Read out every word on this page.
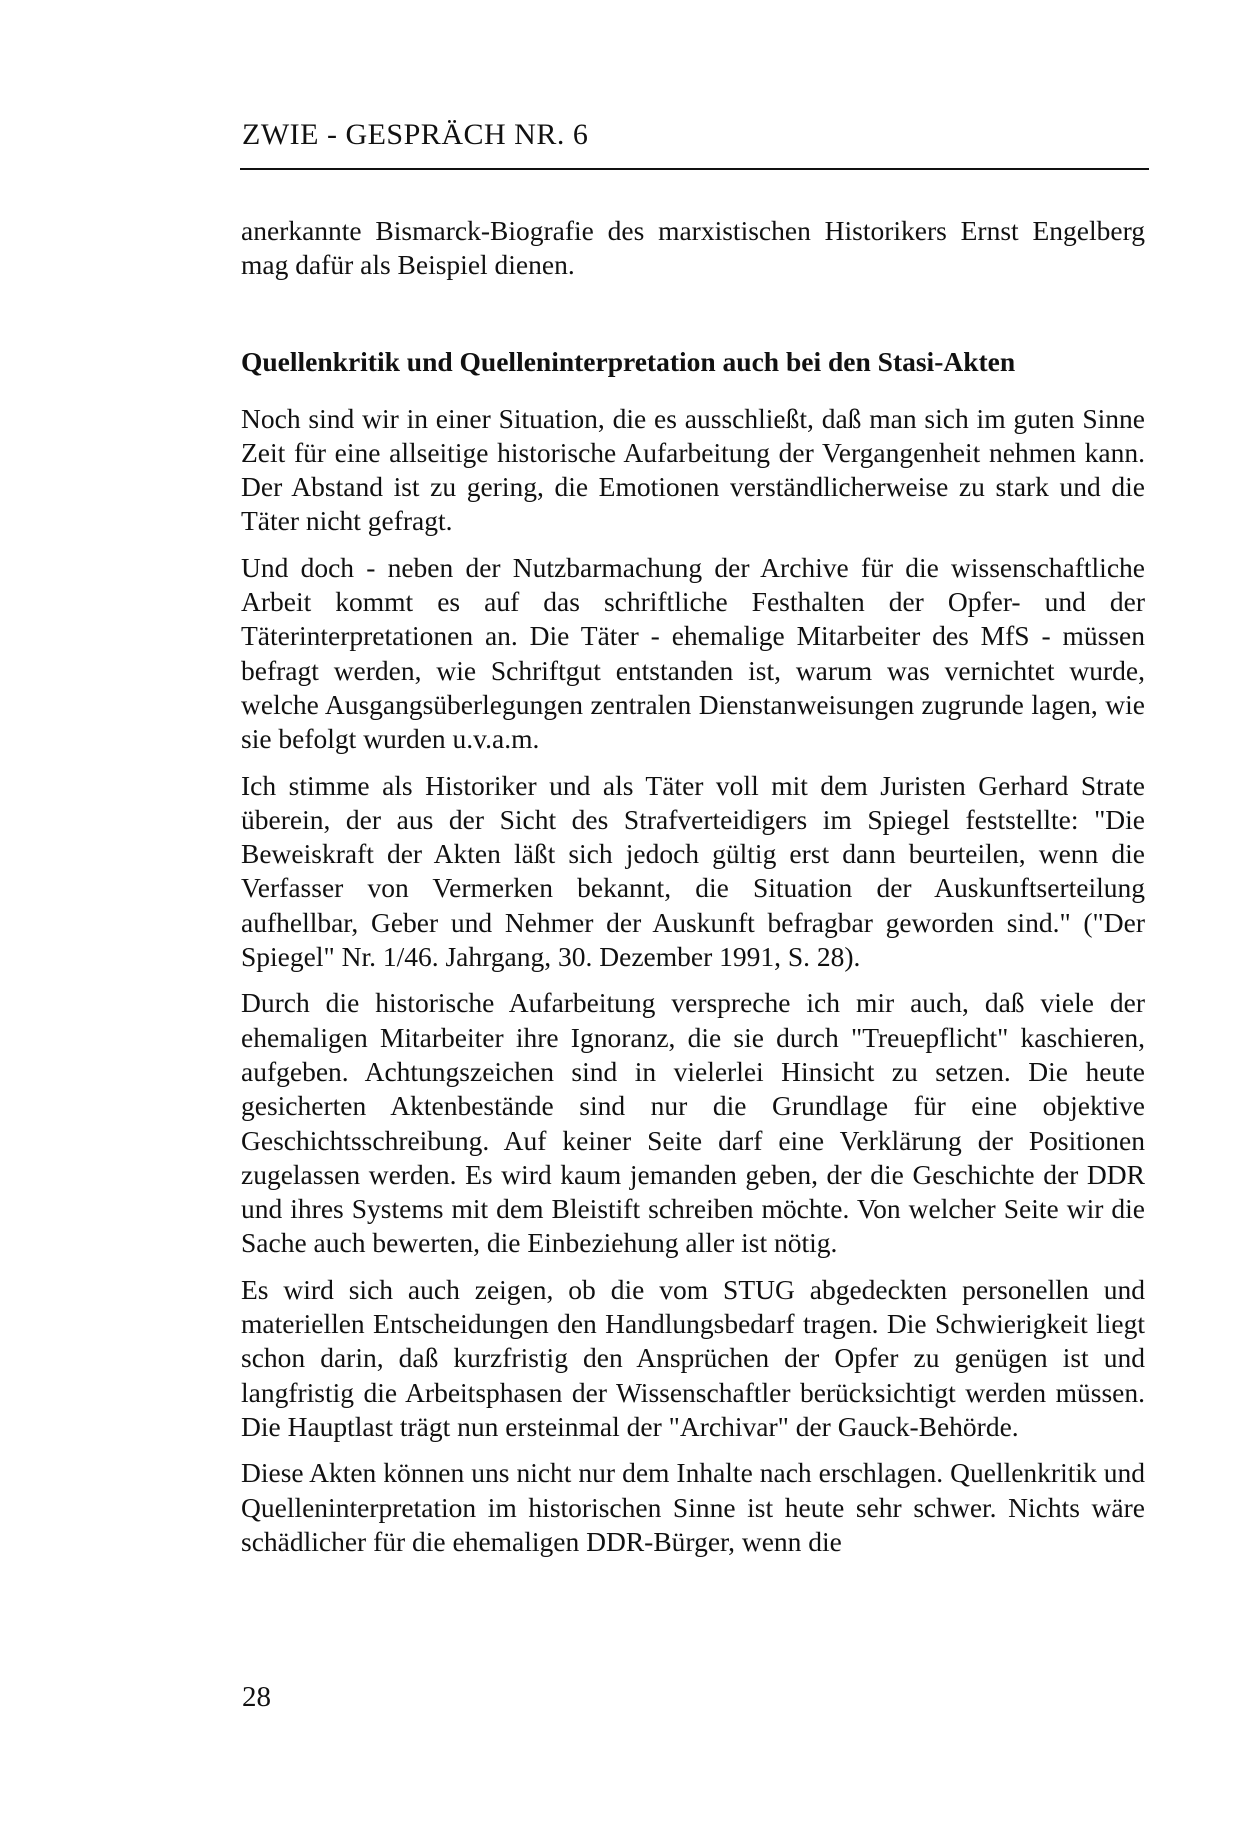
ZWIE - GESPRÄCH NR. 6

anerkannte Bismarck-Biografie des marxistischen Historikers Ernst Engelberg mag dafür als Beispiel dienen.

Quellenkritik und Quelleninterpretation auch bei den Stasi-Akten

Noch sind wir in einer Situation, die es ausschließt, daß man sich im guten Sinne Zeit für eine allseitige historische Aufarbeitung der Vergangenheit nehmen kann. Der Abstand ist zu gering, die Emotionen verständlicherweise zu stark und die Täter nicht gefragt.

Und doch - neben der Nutzbarmachung der Archive für die wissenschaftliche Arbeit kommt es auf das schriftliche Festhalten der Opfer- und der Täterinterpretationen an. Die Täter - ehemalige Mitarbeiter des MfS - müssen befragt werden, wie Schriftgut entstanden ist, warum was vernichtet wurde, welche Ausgangsüberlegungen zentralen Dienstanweisungen zugrunde lagen, wie sie befolgt wurden u.v.a.m.

Ich stimme als Historiker und als Täter voll mit dem Juristen Gerhard Strate überein, der aus der Sicht des Strafverteidigers im Spiegel feststellte: "Die Beweiskraft der Akten läßt sich jedoch gültig erst dann beurteilen, wenn die Verfasser von Vermerken bekannt, die Situation der Auskunftserteilung aufhellbar, Geber und Nehmer der Auskunft befragbar geworden sind." ("Der Spiegel" Nr. 1/46. Jahrgang, 30. Dezember 1991, S. 28).

Durch die historische Aufarbeitung verspreche ich mir auch, daß viele der ehemaligen Mitarbeiter ihre Ignoranz, die sie durch "Treuepflicht" kaschieren, aufgeben. Achtungszeichen sind in vielerlei Hinsicht zu setzen. Die heute gesicherten Aktenbestände sind nur die Grundlage für eine objektive Geschichtsschreibung. Auf keiner Seite darf eine Verklärung der Positionen zugelassen werden. Es wird kaum jemanden geben, der die Geschichte der DDR und ihres Systems mit dem Bleistift schreiben möchte. Von welcher Seite wir die Sache auch bewerten, die Einbeziehung aller ist nötig.

Es wird sich auch zeigen, ob die vom STUG abgedeckten personellen und materiellen Entscheidungen den Handlungsbedarf tragen. Die Schwierigkeit liegt schon darin, daß kurzfristig den Ansprüchen der Opfer zu genügen ist und langfristig die Arbeitsphasen der Wissenschaftler berücksichtigt werden müssen. Die Hauptlast trägt nun ersteinmal der "Archivar" der Gauck-Behörde.

Diese Akten können uns nicht nur dem Inhalte nach erschlagen. Quellenkritik und Quelleninterpretation im historischen Sinne ist heute sehr schwer. Nichts wäre schädlicher für die ehemaligen DDR-Bürger, wenn die

28
